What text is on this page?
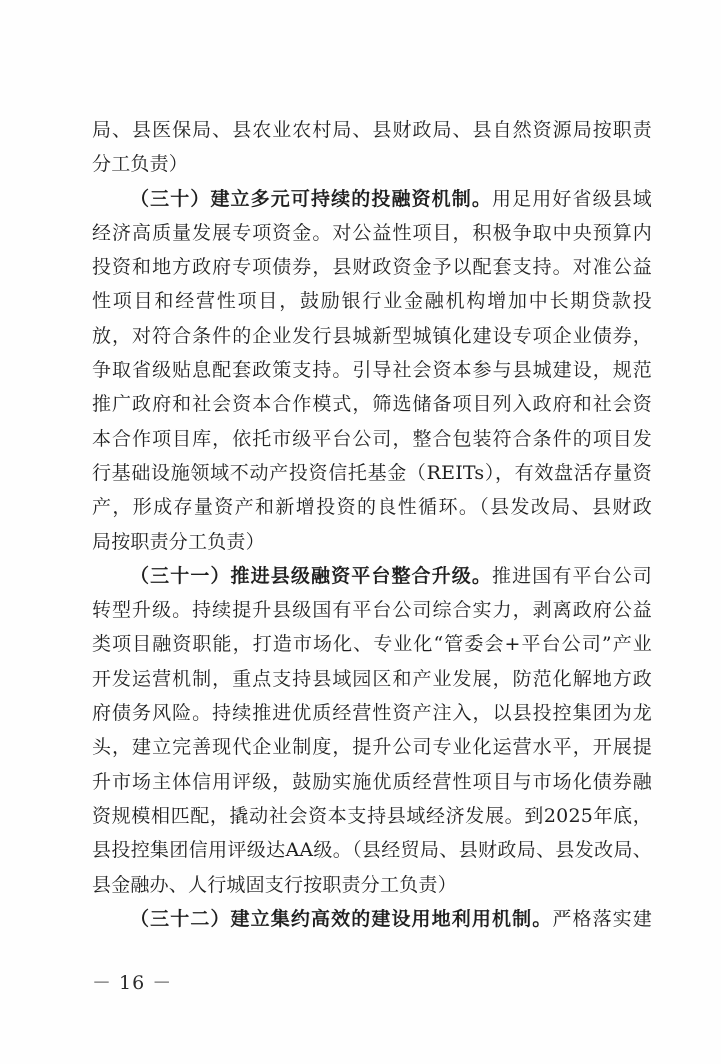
局、县医保局、县农业农村局、县财政局、县自然资源局按职责
分工负责）
（三十）建立多元可持续的投融资机制。用足用好省级县域
经济高质量发展专项资金。对公益性项目，积极争取中央预算内
投资和地方政府专项债券，县财政资金予以配套支持。对准公益
性项目和经营性项目，鼓励银行业金融机构增加中长期贷款投
放，对符合条件的企业发行县城新型城镇化建设专项企业债券，
争取省级贴息配套政策支持。引导社会资本参与县城建设，规范
推广政府和社会资本合作模式，筛选储备项目列入政府和社会资
本合作项目库，依托市级平台公司，整合包装符合条件的项目发
行基础设施领域不动产投资信托基金（REITs），有效盘活存量资
产，形成存量资产和新增投资的良性循环。（县发改局、县财政
局按职责分工负责）
（三十一）推进县级融资平台整合升级。推进国有平台公司
转型升级。持续提升县级国有平台公司综合实力，剥离政府公益
类项目融资职能，打造市场化、专业化“管委会+平台公司”产业
开发运营机制，重点支持县域园区和产业发展，防范化解地方政
府债务风险。持续推进优质经营性资产注入，以县投控集团为龙
头，建立完善现代企业制度，提升公司专业化运营水平，开展提
升市场主体信用评级，鼓励实施优质经营性项目与市场化债券融
资规模相匹配，撬动社会资本支持县域经济发展。到2025年底，
县投控集团信用评级达AA级。（县经贸局、县财政局、县发改局、
县金融办、人行城固支行按职责分工负责）
（三十二）建立集约高效的建设用地利用机制。严格落实建
－ 16 －
